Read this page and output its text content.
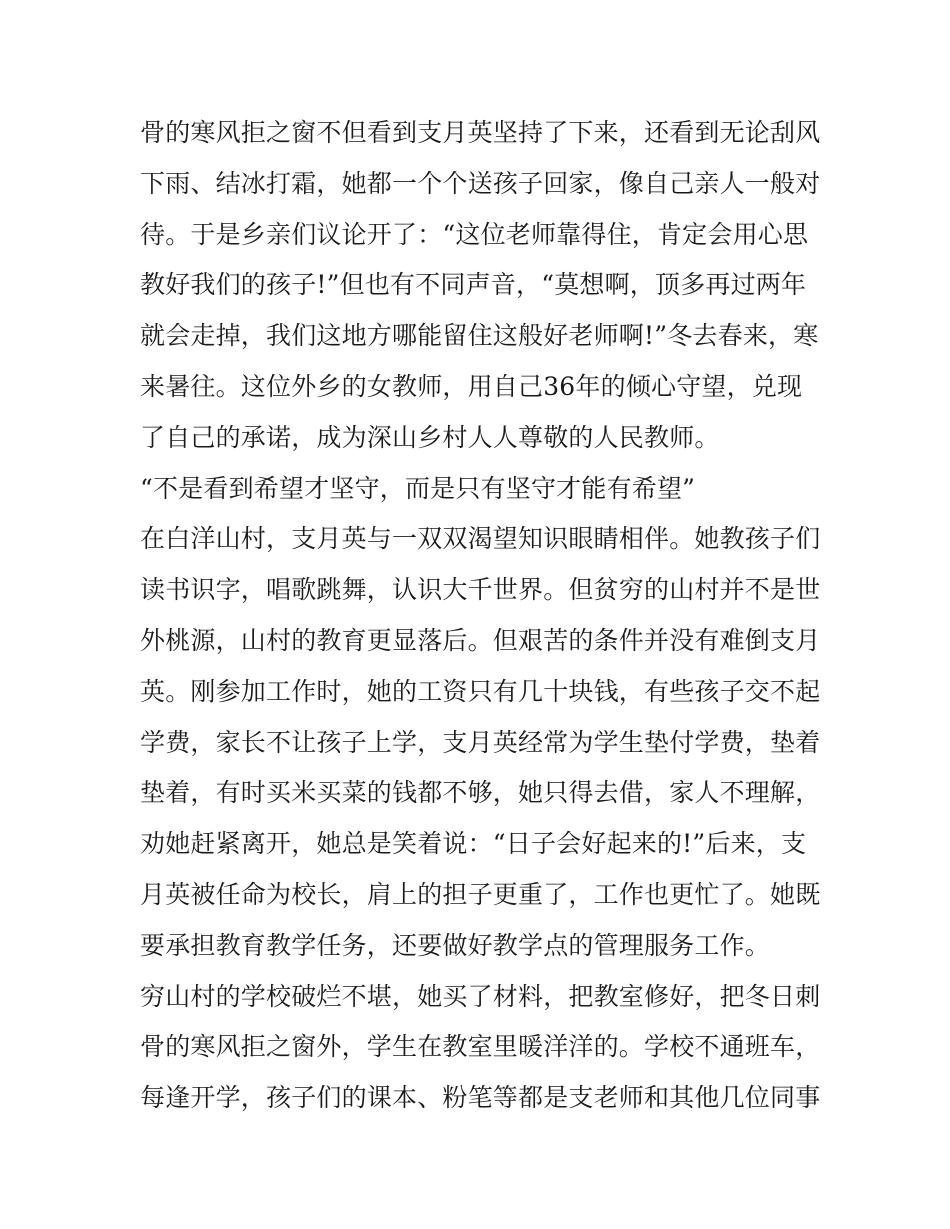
骨的寒风拒之窗不但看到支月英坚持了下来，还看到无论刮风
下雨、结冰打霜，她都一个个送孩子回家，像自己亲人一般对
待。于是乡亲们议论开了：“这位老师靠得住，肯定会用心思
教好我们的孩子!”但也有不同声音，“莫想啊，顶多再过两年
就会走掉，我们这地方哪能留住这般好老师啊!”冬去春来，寒
来暑往。这位外乡的女教师，用自己36年的倾心守望，兑现
了自己的承诺，成为深山乡村人人尊敬的人民教师。
“不是看到希望才坚守，而是只有坚守才能有希望”
在白洋山村，支月英与一双双渴望知识眼睛相伴。她教孩子们
读书识字，唱歌跳舞，认识大千世界。但贫穷的山村并不是世
外桃源，山村的教育更显落后。但艰苦的条件并没有难倒支月
英。刚参加工作时，她的工资只有几十块钱，有些孩子交不起
学费，家长不让孩子上学，支月英经常为学生垫付学费，垫着
垫着，有时买米买菜的钱都不够，她只得去借，家人不理解，
劝她赶紧离开，她总是笑着说：“日子会好起来的!”后来，支
月英被任命为校长，肩上的担子更重了，工作也更忙了。她既
要承担教育教学任务，还要做好教学点的管理服务工作。
穷山村的学校破烂不堪，她买了材料，把教室修好，把冬日刺
骨的寒风拒之窗外，学生在教室里暖洋洋的。学校不通班车，
每逢开学，孩子们的课本、粉笔等都是支老师和其他几位同事
